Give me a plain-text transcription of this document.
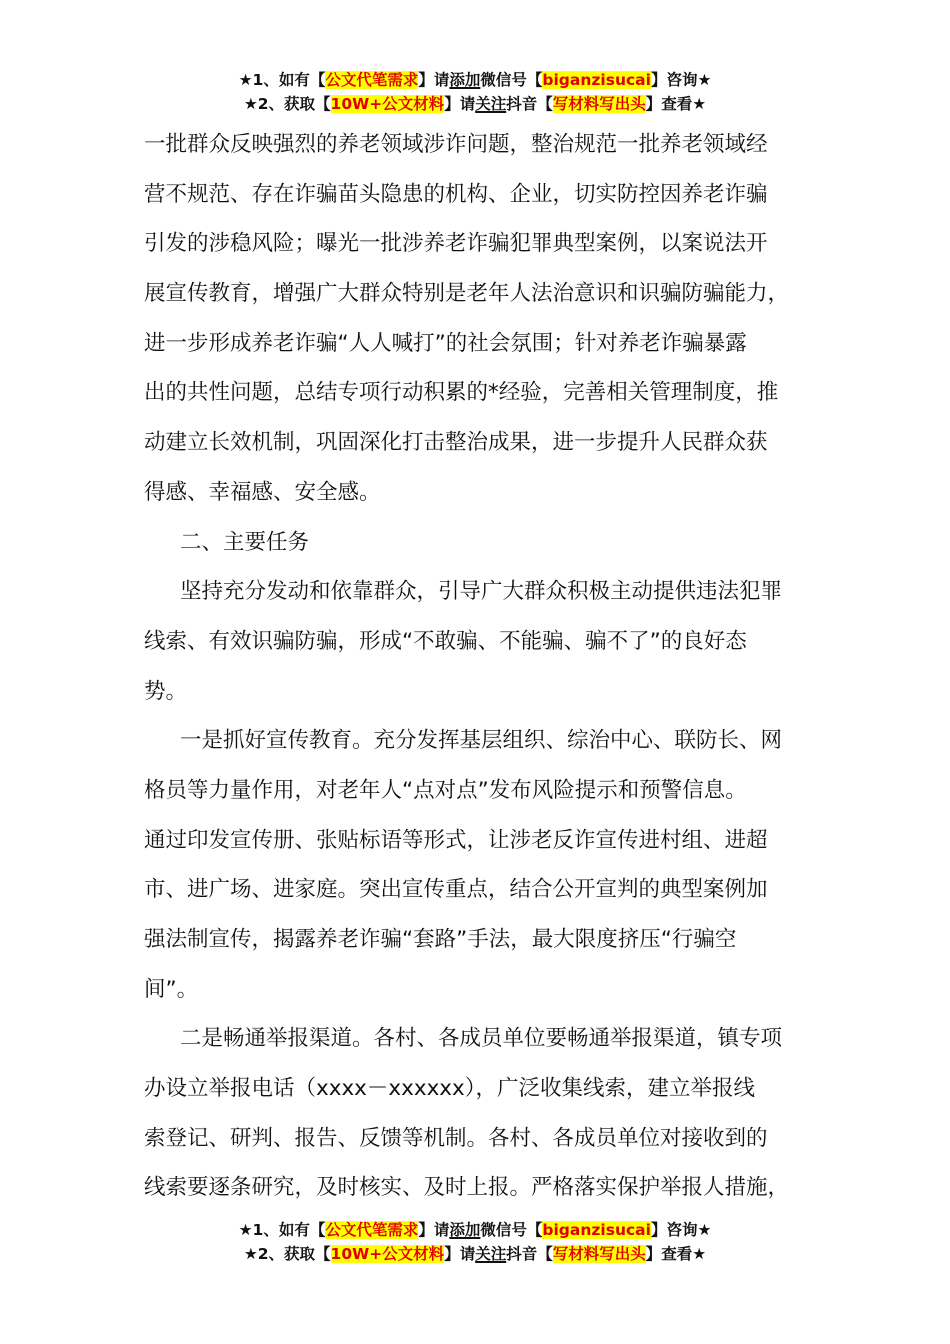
★1、如有【公文代笔需求】请添加微信号【biganzisucai】咨询★
★2、获取【10W+公文材料】请关注抖音【写材料写出头】查看★
一批群众反映强烈的养老领域涉诈问题，整治规范一批养老领域经
营不规范、存在诈骗苗头隐患的机构、企业，切实防控因养老诈骗
引发的涉稳风险；曝光一批涉养老诈骗犯罪典型案例，以案说法开
展宣传教育，增强广大群众特别是老年人法治意识和识骗防骗能力，
进一步形成养老诈骗“人人喊打”的社会氛围；针对养老诈骗暴露
出的共性问题，总结专项行动积累的*经验，完善相关管理制度，推
动建立长效机制，巩固深化打击整治成果，进一步提升人民群众获
得感、幸福感、安全感。
二、主要任务
坚持充分发动和依靠群众，引导广大群众积极主动提供违法犯罪
线索、有效识骗防骗，形成“不敢骗、不能骗、骗不了”的良好态
势。
一是抓好宣传教育。充分发挥基层组织、综治中心、联防长、网
格员等力量作用，对老年人“点对点”发布风险提示和预警信息。
通过印发宣传册、张贴标语等形式，让涉老反诈宣传进村组、进超
市、进广场、进家庭。突出宣传重点，结合公开宣判的典型案例加
强法制宣传，揭露养老诈骗“套路”手法，最大限度挤压“行骗空
间”。
二是畅通举报渠道。各村、各成员单位要畅通举报渠道，镇专项
办设立举报电话（xxxx－xxxxxx），广泛收集线索，建立举报线
索登记、研判、报告、反馈等机制。各村、各成员单位对接收到的
线索要逐条研究，及时核实、及时上报。严格落实保护举报人措施，
★1、如有【公文代笔需求】请添加微信号【biganzisucai】咨询★
★2、获取【10W+公文材料】请关注抖音【写材料写出头】查看★
